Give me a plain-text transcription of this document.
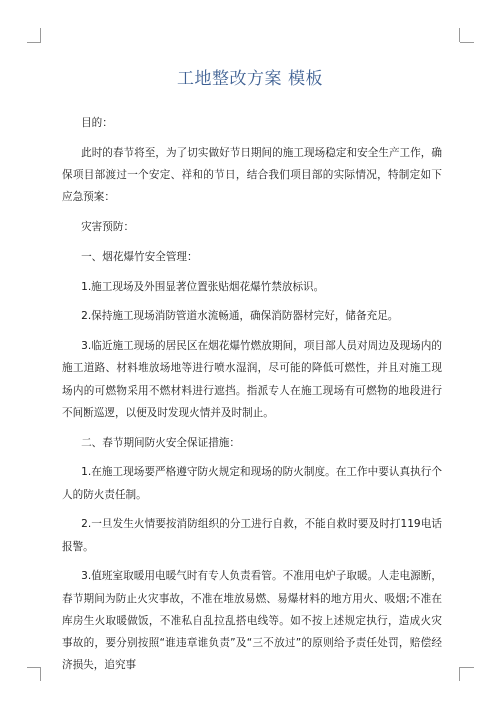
工地整改方案 模板

目的：

此时的春节将至，为了切实做好节日期间的施工现场稳定和安全生产工作，确保项目部渡过一个安定、祥和的节日，结合我们项目部的实际情况，特制定如下应急预案：

灾害预防：

一、烟花爆竹安全管理：

1.施工现场及外围显著位置张贴烟花爆竹禁放标识。

2.保持施工现场消防管道水流畅通，确保消防器材完好，储备充足。

3.临近施工现场的居民区在烟花爆竹燃放期间，项目部人员对周边及现场内的施工道路、材料堆放场地等进行喷水湿润，尽可能的降低可燃性，并且对施工现场内的可燃物采用不燃材料进行遮挡。指派专人在施工现场有可燃物的地段进行不间断巡逻，以便及时发现火情并及时制止。

二、春节期间防火安全保证措施：

1.在施工现场要严格遵守防火规定和现场的防火制度。在工作中要认真执行个人的防火责任制。

2.一旦发生火情要按消防组织的分工进行自救，不能自救时要及时打119电话报警。

3.值班室取暖用电暖气时有专人负责看管。不准用电炉子取暖。人走电源断，春节期间为防止火灾事故，不准在堆放易燃、易爆材料的地方用火、吸烟;不准在库房生火取暖做饭，不准私自乱拉乱搭电线等。如不按上述规定执行，造成火灾事故的，要分别按照“谁违章谁负责”及“三不放过”的原则给予责任处罚，赔偿经济损失，追究事
